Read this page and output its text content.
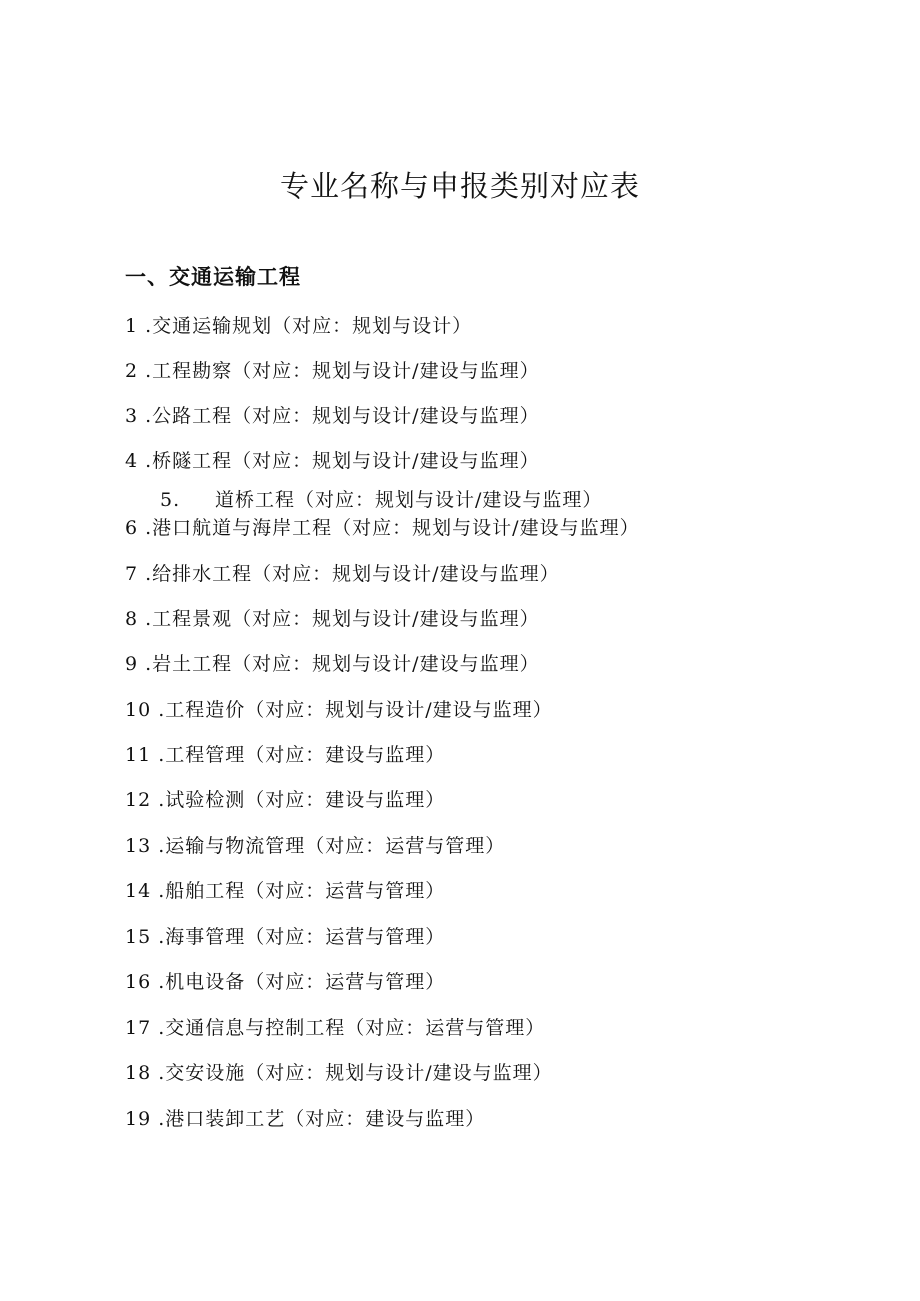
专业名称与申报类别对应表
一、交通运输工程
1 .交通运输规划（对应：规划与设计）
2 .工程勘察（对应：规划与设计/建设与监理）
3 .公路工程（对应：规划与设计/建设与监理）
4 .桥隧工程（对应：规划与设计/建设与监理）
5. 道桥工程（对应：规划与设计/建设与监理）
6 .港口航道与海岸工程（对应：规划与设计/建设与监理）
7 .给排水工程（对应：规划与设计/建设与监理）
8 .工程景观（对应：规划与设计/建设与监理）
9 .岩土工程（对应：规划与设计/建设与监理）
10 .工程造价（对应：规划与设计/建设与监理）
11 .工程管理（对应：建设与监理）
12 .试验检测（对应：建设与监理）
13 .运输与物流管理（对应：运营与管理）
14 .船舶工程（对应：运营与管理）
15 .海事管理（对应：运营与管理）
16 .机电设备（对应：运营与管理）
17 .交通信息与控制工程（对应：运营与管理）
18 .交安设施（对应：规划与设计/建设与监理）
19 .港口装卸工艺（对应：建设与监理）
